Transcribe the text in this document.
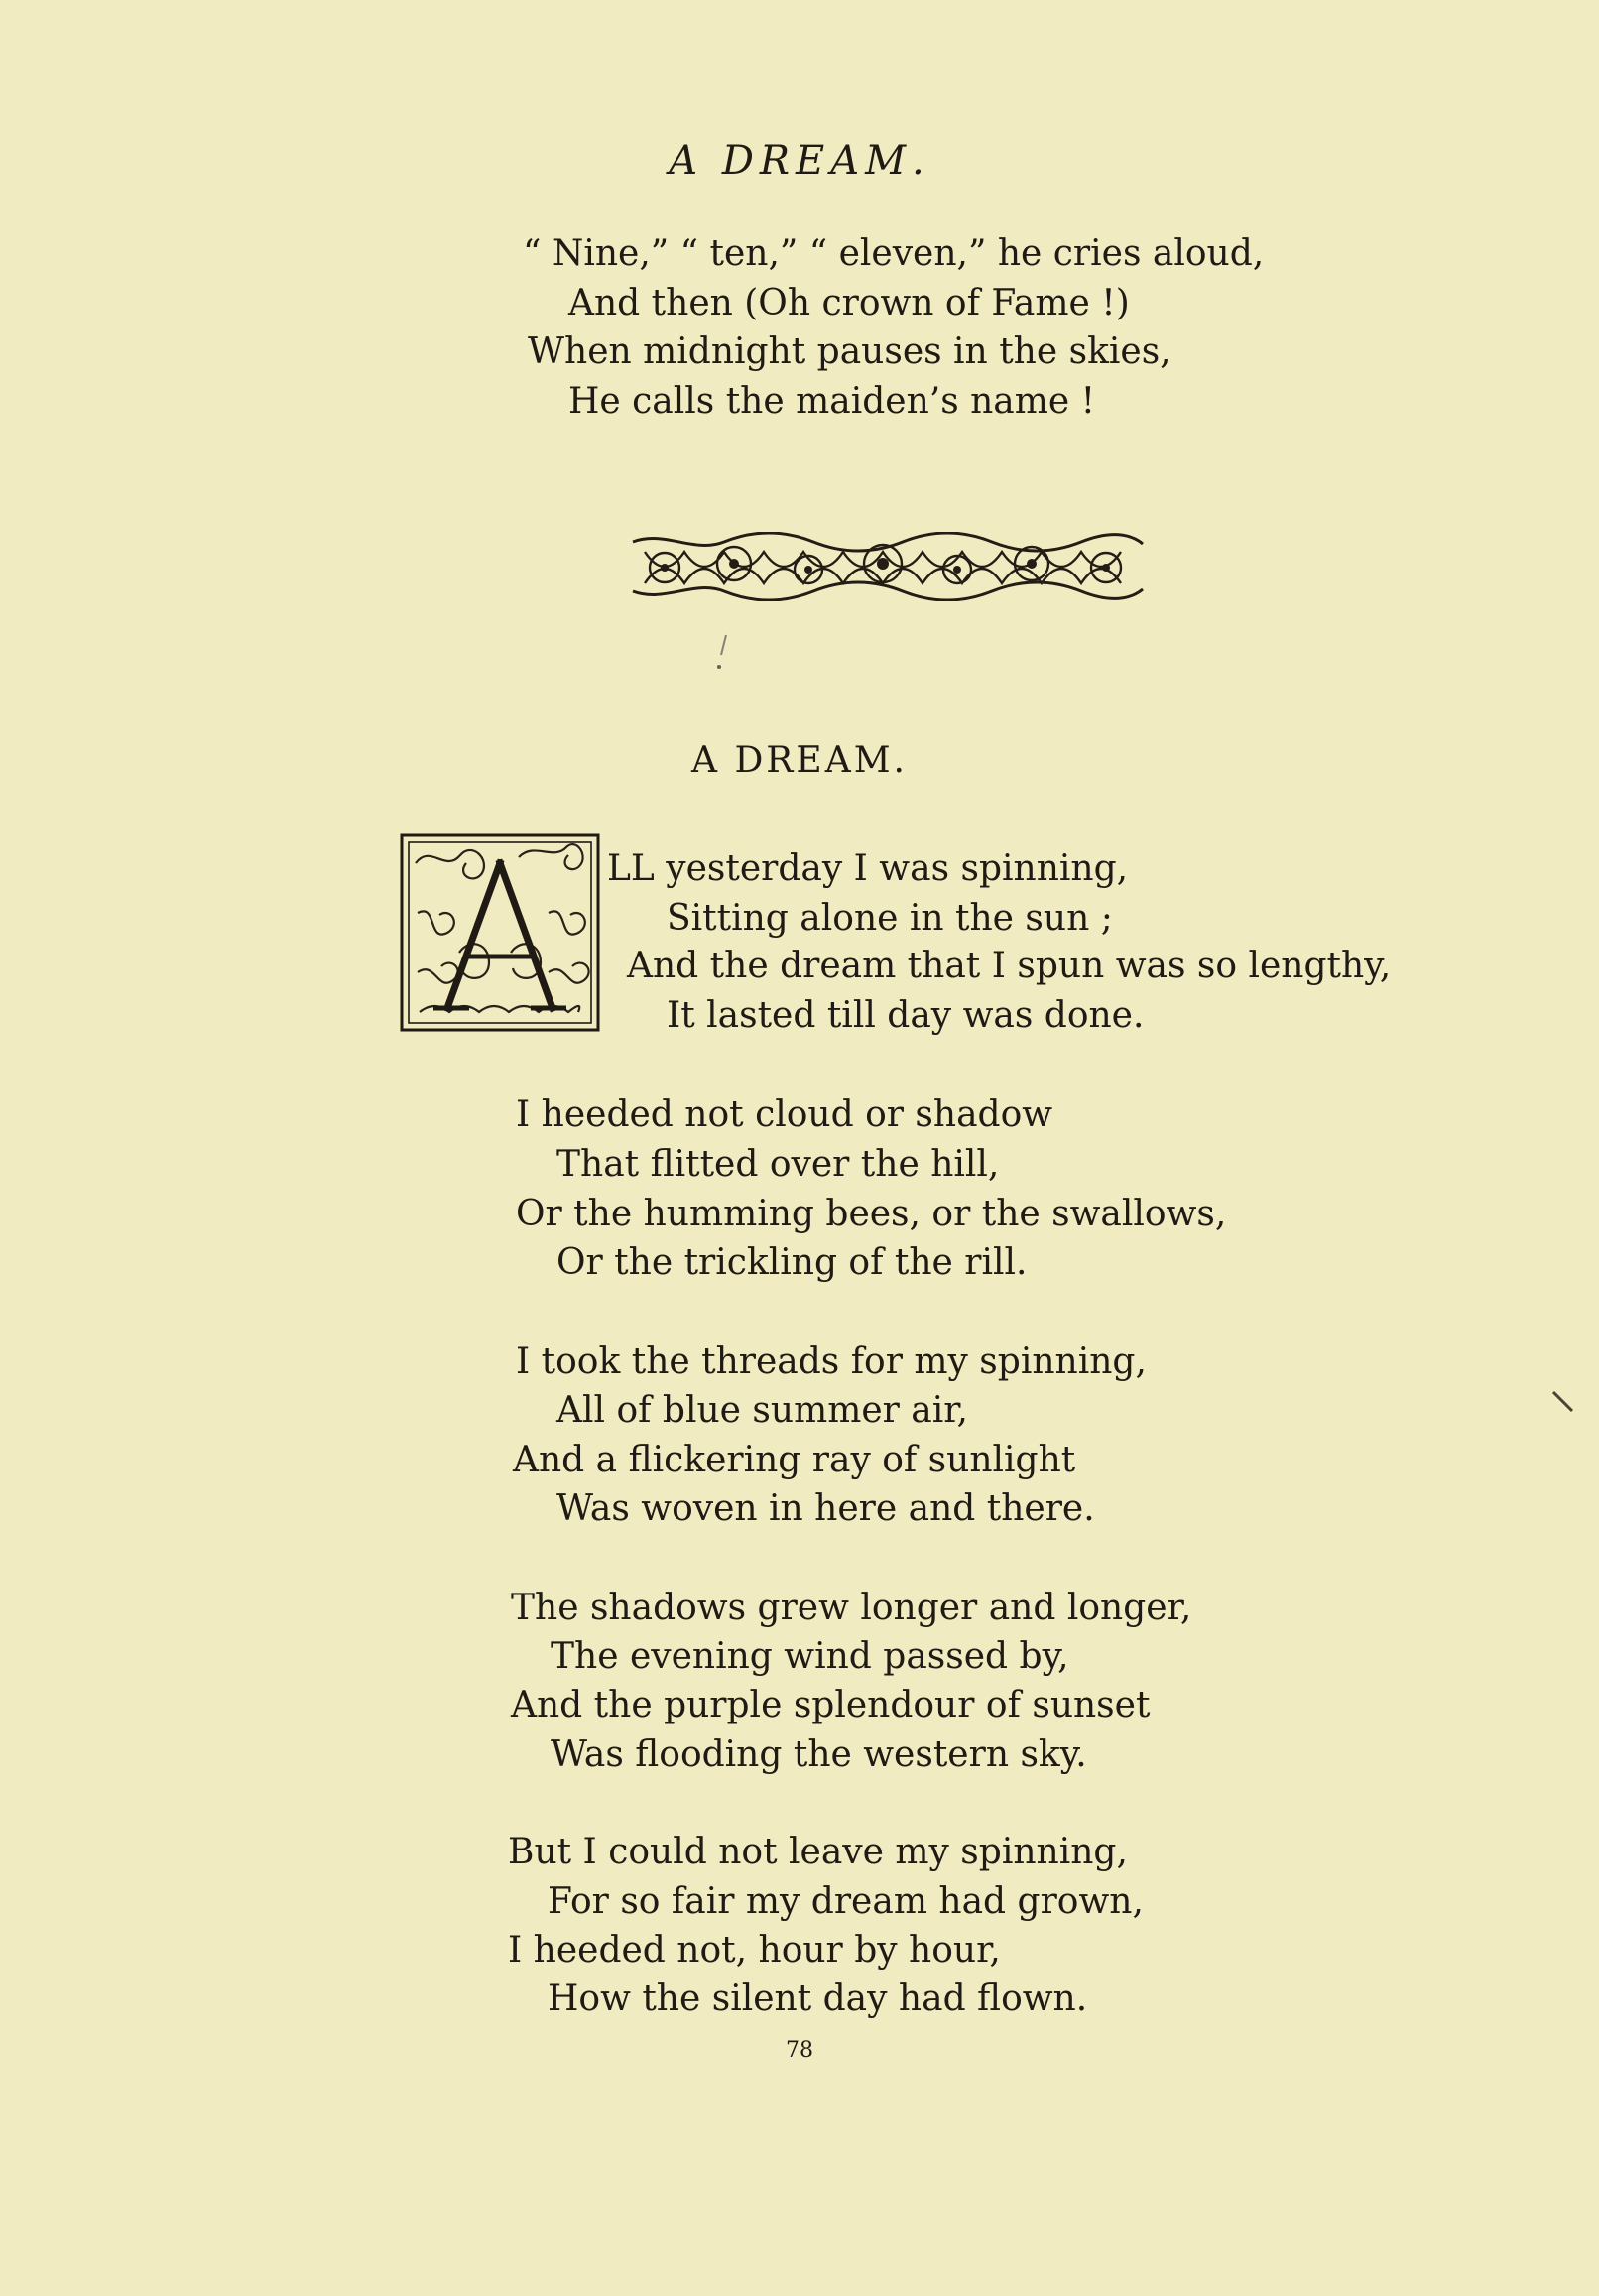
A DREAM.
“ Nine,” “ ten,” “ eleven,” he cries aloud,
And then (Oh crown of Fame !)
When midnight pauses in the skies,
He calls the maiden’s name !
A DREAM.
LL yesterday I was spinning,
Sitting alone in the sun ;
And the dream that I spun was so lengthy,
It lasted till day was done.
I heeded not cloud or shadow
That flitted over the hill,
Or the humming bees, or the swallows,
Or the trickling of the rill.
I took the threads for my spinning,
All of blue summer air,
And a flickering ray of sunlight
Was woven in here and there.
The shadows grew longer and longer,
The evening wind passed by,
And the purple splendour of sunset
Was flooding the western sky.
But I could not leave my spinning,
For so fair my dream had grown,
I heeded not, hour by hour,
How the silent day had flown.
78
